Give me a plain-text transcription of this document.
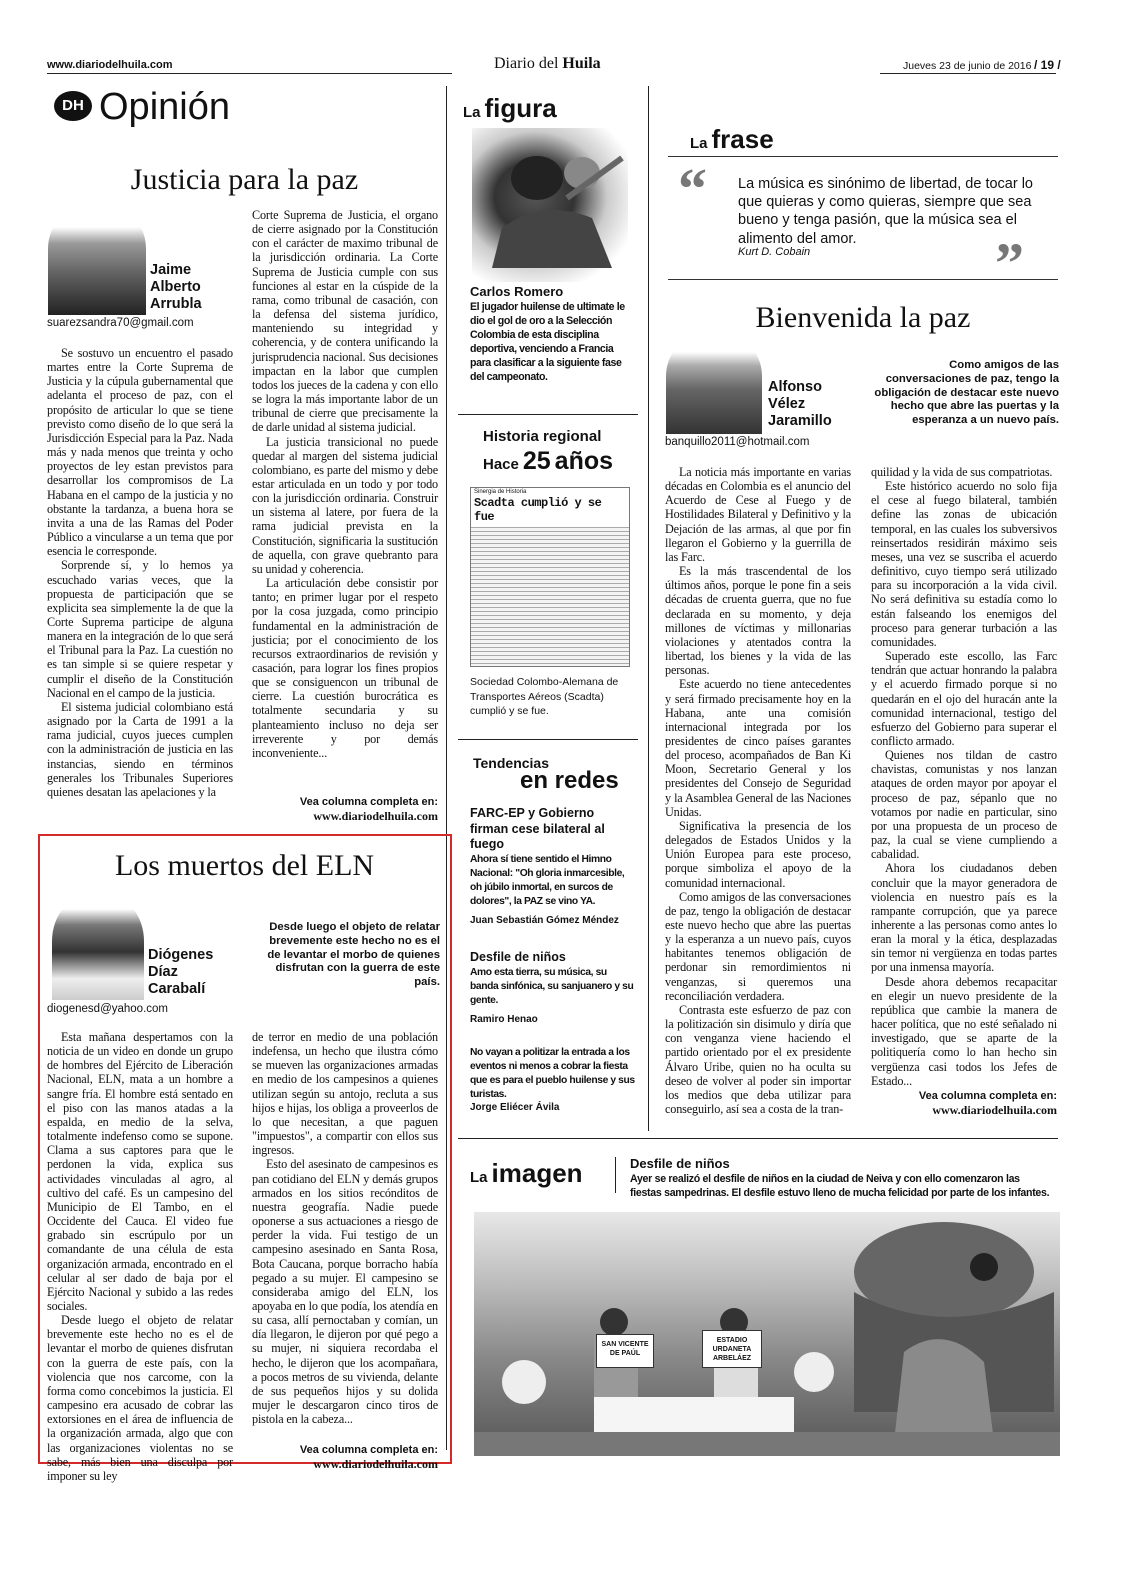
www.diariodelhuila.com	Diario del Huila	Jueves 23 de junio de 2016 / 19 /
DH Opinión
Justicia para la paz
Jaime
Alberto
Arrubla
suarezsandra70@gmail.com

Se sostuvo un encuentro el pasado martes entre la Corte Suprema de Justicia y la cúpula gubernamental que adelanta el proceso de paz, con el propósito de articular lo que se tiene previsto como diseño de lo que será la Jurisdicción Especial para la Paz. Nada más y nada menos que treinta y ocho proyectos de ley estan previstos para desarrollar los compromisos de La Habana en el campo de la justicia y no obstante la tardanza, a buena hora se invita a una de las Ramas del Poder Público a vincularse a un tema que por esencia le corresponde.

Sorprende sí, y lo hemos ya escuchado varias veces, que la propuesta de participación que se explicita sea simplemente la de que la Corte Suprema participe de alguna manera en la integración de lo que será el Tribunal para la Paz. La cuestión no es tan simple si se quiere respetar y cumplir el diseño de la Constitución Nacional en el campo de la justicia.

El sistema judicial colombiano está asignado por la Carta de 1991 a la rama judicial, cuyos jueces cumplen con la administración de justicia en las instancias, siendo en términos generales los Tribunales Superiores quienes desatan las apelaciones y la

Corte Suprema de Justicia, el organo de cierre asignado por la Constitución con el carácter de maximo tribunal de la jurisdicción ordinaria. La Corte Suprema de Justicia cumple con sus funciones al estar en la cúspide de la rama, como tribunal de casación, con la defensa del sistema jurídico, manteniendo su integridad y coherencia, y de contera unificando la jurisprudencia nacional. Sus decisiones impactan en la labor que cumplen todos los jueces de la cadena y con ello se logra la más importante labor de un tribunal de cierre que precisamente la de darle unidad al sistema judicial.

La justicia transicional no puede quedar al margen del sistema judicial colombiano, es parte del mismo y debe estar articulada en un todo y por todo con la jurisdicción ordinaria. Construir un sistema al latere, por fuera de la rama judicial prevista en la Constitución, significaria la sustitución de aquella, con grave quebranto para su unidad y coherencia.

La articulación debe consistir por tanto; en primer lugar por el respeto por la cosa juzgada, como principio fundamental en la administración de justicia; por el conocimiento de los recursos extraordinarios de revisión y casación, para lograr los fines propios que se consiguencon un tribunal de cierre. La cuestión burocrática es totalmente secundaria y su planteamiento incluso no deja ser irreverente y por demás inconveniente...

Vea columna completa en:
www.diariodelhuila.com
Los muertos del ELN
Diógenes
Díaz
Carabalí
diogenesd@yahoo.com
Desde luego el objeto de relatar brevemente este hecho no es el de levantar el morbo de quienes disfrutan con la guerra de este país.

Esta mañana despertamos con la noticia de un video en donde un grupo de hombres del Ejército de Liberación Nacional, ELN, mata a un hombre a sangre fría. El hombre está sentado en el piso con las manos atadas a la espalda, en medio de la selva, totalmente indefenso como se supone. Clama a sus captores para que le perdonen la vida, explica sus actividades vinculadas al agro, al cultivo del café. Es un campesino del Municipio de El Tambo, en el Occidente del Cauca. El video fue grabado sin escrúpulo por un comandante de una célula de esta organización armada, encontrado en el celular al ser dado de baja por el Ejército Nacional y subido a las redes sociales.

Desde luego el objeto de relatar brevemente este hecho no es el de levantar el morbo de quienes disfrutan con la guerra de este país, con la violencia que nos carcome, con la forma como concebimos la justicia. El campesino era acusado de cobrar las extorsiones en el área de influencia de la organización armada, algo que con las organizaciones violentas no se sabe, más bien una disculpa por imponer su ley

de terror en medio de una población indefensa, un hecho que ilustra cómo se mueven las organizaciones armadas en medio de los campesinos a quienes utilizan según su antojo, recluta a sus hijos e hijas, los obliga a proveerlos de lo que necesitan, a que paguen "impuestos", a compartir con ellos sus ingresos.

Esto del asesinato de campesinos es pan cotidiano del ELN y demás grupos armados en los sitios recónditos de nuestra geografía. Nadie puede oponerse a sus actuaciones a riesgo de perder la vida. Fui testigo de un campesino asesinado en Santa Rosa, Bota Caucana, porque borracho había pegado a su mujer. El campesino se consideraba amigo del ELN, los apoyaba en lo que podía, los atendía en su casa, allí pernoctaban y comían, un día llegaron, le dijeron por qué pego a su mujer, ni siquiera recordaba el hecho, le dijeron que los acompañara, a pocos metros de su vivienda, delante de sus pequeños hijos y su dolida mujer le descargaron cinco tiros de pistola en la cabeza...

Vea columna completa en:
www.diariodelhuila.com
La figura
Carlos Romero
El jugador huilense de ultimate le dio el gol de oro a la Selección Colombia de esta disciplina deportiva, venciendo a Francia para clasificar a la siguiente fase del campeonato.
Historia regional
Hace 25 años
Sinergia de Historia
Scadta cumplió y se fue
Sociedad Colombo-Alemana de Transportes Aéreos (Scadta) cumplió y se fue.
Tendencias
en redes
FARC-EP y Gobierno firman cese bilateral al fuego
Ahora sí tiene sentido el Himno Nacional: "Oh gloria inmarcesible, oh júbilo inmortal, en surcos de dolores", la PAZ se vino YA.
Juan Sebastián Gómez Méndez
Desfile de niños
Amo esta tierra, su música, su banda sinfónica, su sanjuanero y su gente.
Ramiro Henao
No vayan a politizar la entrada a los eventos ni menos a cobrar la fiesta que es para el pueblo huilense y sus turistas.
Jorge Eliécer Ávila
La frase
“ La música es sinónimo de libertad, de tocar lo que quieras y como quieras, siempre que sea bueno y tenga pasión, que la música sea el alimento del amor.
Kurt D. Cobain	”
Bienvenida la paz
Alfonso
Vélez
Jaramillo
banquillo2011@hotmail.com
Como amigos de las conversaciones de paz, tengo la obligación de destacar este nuevo hecho que abre las puertas y la esperanza a un nuevo país.

La noticia más importante en varias décadas en Colombia es el anuncio del Acuerdo de Cese al Fuego y de Hostilidades Bilateral y Definitivo y la Dejación de las armas, al que por fin llegaron el Gobierno y la guerrilla de las Farc.

Es la más trascendental de los últimos años, porque le pone fin a seis décadas de cruenta guerra, que no fue declarada en su momento, y deja millones de víctimas y millonarias violaciones y atentados contra la libertad, los bienes y la vida de las personas.

Este acuerdo no tiene antecedentes y será firmado precisamente hoy en la Habana, ante una comisión internacional integrada por los presidentes de cinco países garantes del proceso, acompañados de Ban Ki Moon, Secretario General y los presidentes del Consejo de Seguridad y la Asamblea General de las Naciones Unidas.

Significativa la presencia de los delegados de Estados Unidos y la Unión Europea para este proceso, porque simboliza el apoyo de la comunidad internacional.

Como amigos de las conversaciones de paz, tengo la obligación de destacar este nuevo hecho que abre las puertas y la esperanza a un nuevo país, cuyos habitantes tenemos obligación de perdonar sin remordimientos ni venganzas, si queremos una reconciliación verdadera.

Contrasta este esfuerzo de paz con la politización sin disimulo y diría que con venganza viene haciendo el partido orientado por el ex presidente Álvaro Uribe, quien no ha oculta su deseo de volver al poder sin importar los medios que deba utilizar para conseguirlo, así sea a costa de la tran-

quilidad y la vida de sus compatriotas.

Este histórico acuerdo no solo fija el cese al fuego bilateral, también define las zonas de ubicación temporal, en las cuales los subversivos reinsertados residirán máximo seis meses, una vez se suscriba el acuerdo definitivo, cuyo tiempo será utilizado para su incorporación a la vida civil. No será definitiva su estadía como lo están falseando los enemigos del proceso para generar turbación a las comunidades.

Superado este escollo, las Farc tendrán que actuar honrando la palabra y el acuerdo firmado porque si no quedarán en el ojo del huracán ante la comunidad internacional, testigo del esfuerzo del Gobierno para superar el conflicto armado.

Quienes nos tildan de castro chavistas, comunistas y nos lanzan ataques de orden mayor por apoyar el proceso de paz, sépanlo que no votamos por nadie en particular, sino por una propuesta de un proceso de paz, la cual se viene cumpliendo a cabalidad.

Ahora los ciudadanos deben concluir que la mayor generadora de violencia en nuestro país es la rampante corrupción, que ya parece inherente a las personas como antes lo eran la moral y la ética, desplazadas sin temor ni vergüenza en todas partes por una inmensa mayoría.

Desde ahora debemos recapacitar en elegir un nuevo presidente de la república que cambie la manera de hacer política, que no esté señalado ni investigado, que se aparte de la politiquería como lo han hecho sin vergüenza casi todos los Jefes de Estado...

Vea columna completa en:
www.diariodelhuila.com
La imagen	Desfile de niños
Ayer se realizó el desfile de niños en la ciudad de Neiva y con ello comenzaron las fiestas sampedrinas. El desfile estuvo lleno de mucha felicidad por parte de los infantes.
SAN VICENTE DE PAÚL
ESTADIO URDANETA ARBELÁEZ
